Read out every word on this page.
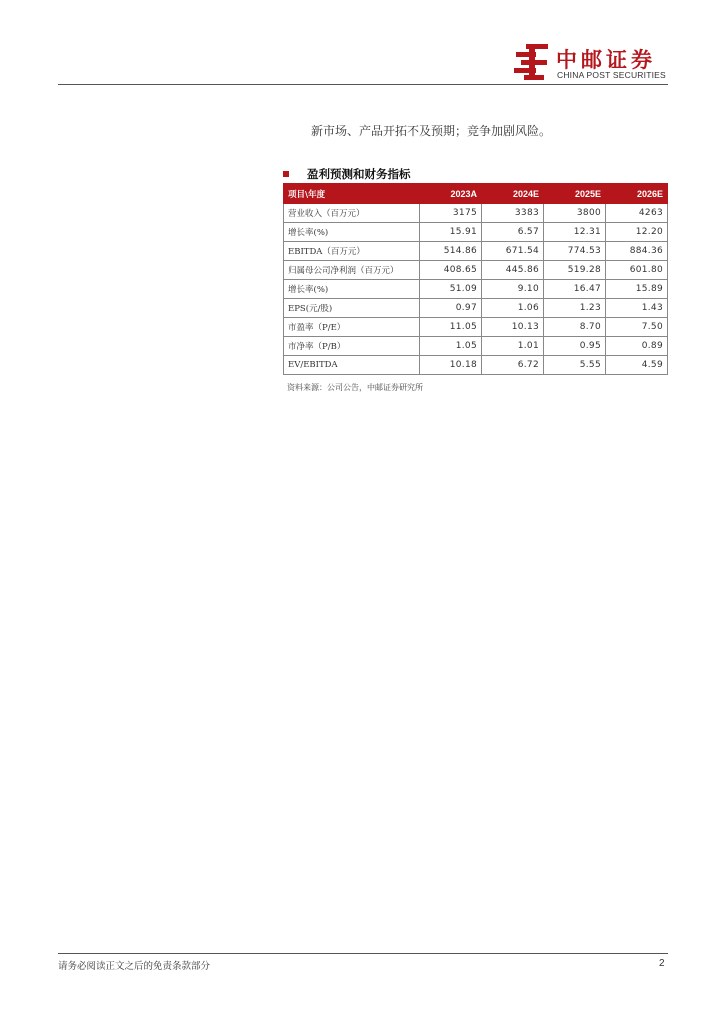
中邮证券
CHINA POST SECURITIES
新市场、产品开拓不及预期；竞争加剧风险。
盈利预测和财务指标
项目\年度	2023A	2024E	2025E	2026E
营业收入（百万元）	3175	3383	3800	4263
增长率(%)	15.91	6.57	12.31	12.20
EBITDA（百万元）	514.86	671.54	774.53	884.36
归属母公司净利润（百万元）	408.65	445.86	519.28	601.80
增长率(%)	51.09	9.10	16.47	15.89
EPS(元/股)	0.97	1.06	1.23	1.43
市盈率（P/E）	11.05	10.13	8.70	7.50
市净率（P/B）	1.05	1.01	0.95	0.89
EV/EBITDA	10.18	6.72	5.55	4.59
资料来源：公司公告，中邮证券研究所
请务必阅读正文之后的免责条款部分	2
